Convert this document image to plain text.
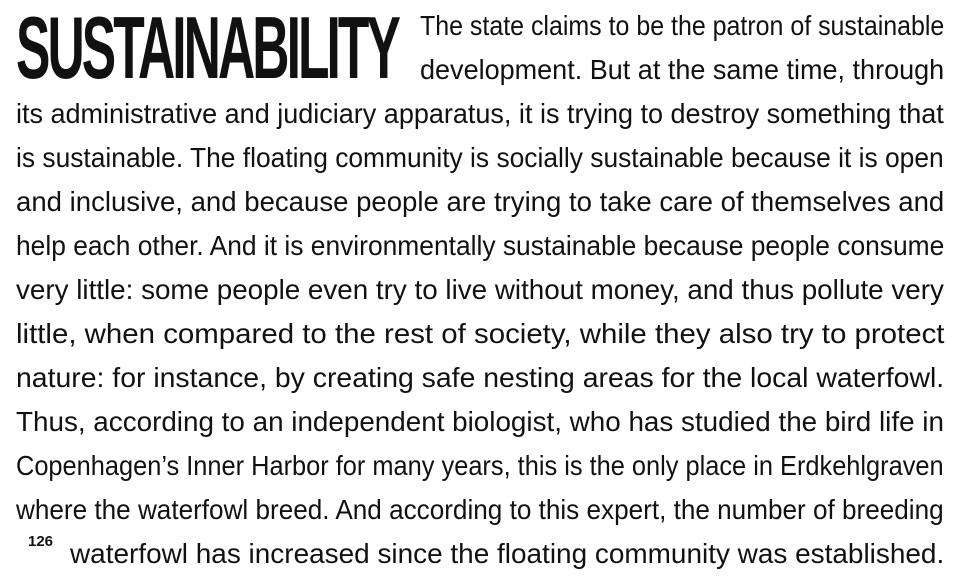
SUSTAINABILITY The state claims to be the patron of sustainable
development. But at the same time, through
its administrative and judiciary apparatus, it is trying to destroy something that
is sustainable. The floating community is socially sustainable because it is open
and inclusive, and because people are trying to take care of themselves and
help each other. And it is environmentally sustainable because people consume
very little: some people even try to live without money, and thus pollute very
little, when compared to the rest of society, while they also try to protect
nature: for instance, by creating safe nesting areas for the local waterfowl.
Thus, according to an independent biologist, who has studied the bird life in
Copenhagen’s Inner Harbor for many years, this is the only place in Erdkehlgraven
where the waterfowl breed. And according to this expert, the number of breeding
waterfowl has increased since the floating community was established.
126
